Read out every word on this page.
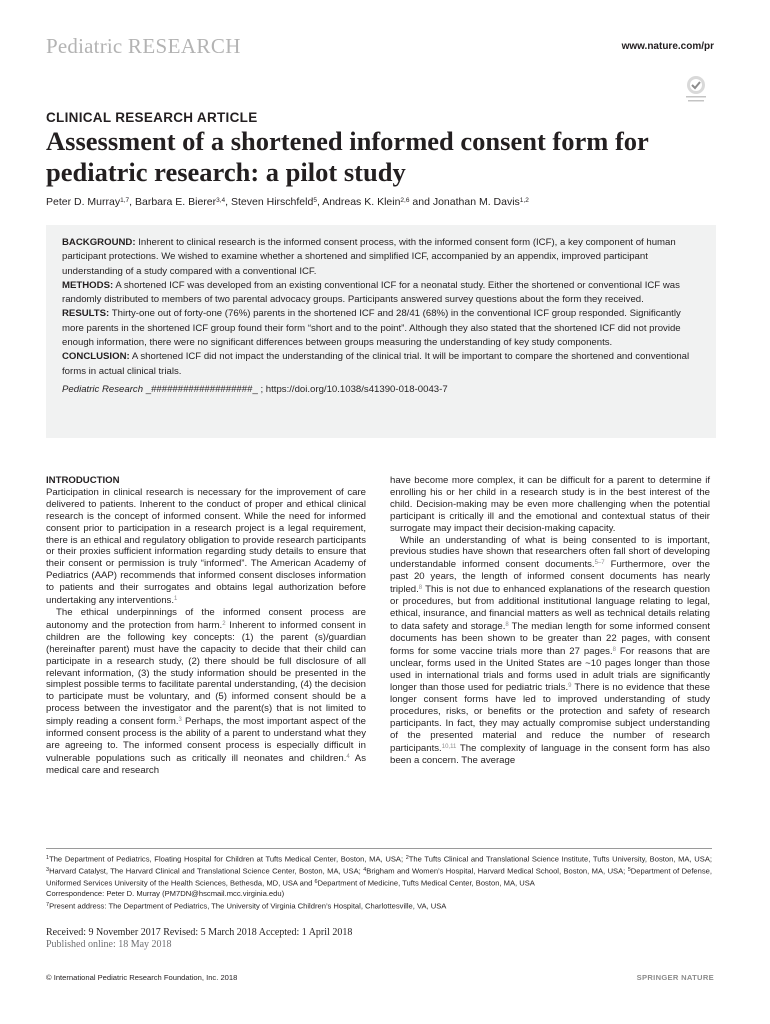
Pediatric RESEARCH	www.nature.com/pr
CLINICAL RESEARCH ARTICLE
Assessment of a shortened informed consent form for pediatric research: a pilot study
Peter D. Murray$^{1,7}$, Barbara E. Bierer$^{3,4}$, Steven Hirschfeld$^5$, Andreas K. Klein$^{2,6}$ and Jonathan M. Davis$^{1,2}$

BACKGROUND: Inherent to clinical research is the informed consent process, with the informed consent form (ICF), a key component of human participant protections. We wished to examine whether a shortened and simplified ICF, accompanied by an appendix, improved participant understanding of a study compared with a conventional ICF.

METHODS: A shortened ICF was developed from an existing conventional ICF for a neonatal study. Either the shortened or conventional ICF was randomly distributed to members of two parental advocacy groups. Participants answered survey questions about the form they received.

RESULTS: Thirty-one out of forty-one (76%) parents in the shortened ICF and 28/41 (68%) in the conventional ICF group responded. Significantly more parents in the shortened ICF group found their form “short and to the point”. Although they also stated that the shortened ICF did not provide enough information, there were no significant differences between groups measuring the understanding of key study components.

CONCLUSION: A shortened ICF did not impact the understanding of the clinical trial. It will be important to compare the shortened and conventional forms in actual clinical trials.

Pediatric Research _###################_ ; https://doi.org/10.1038/s41390-018-0043-7

INTRODUCTION

Participation in clinical research is necessary for the improvement of care delivered to patients. Inherent to the conduct of proper and ethical clinical research is the concept of informed consent. While the need for informed consent prior to participation in a research project is a legal requirement, there is an ethical and regulatory obligation to provide research participants or their proxies sufficient information regarding study details to ensure that their consent or permission is truly “informed”. The American Academy of Pediatrics (AAP) recommends that informed consent discloses information to patients and their surrogates and obtains legal authorization before undertaking any interventions.$^1$

The ethical underpinnings of the informed consent process are autonomy and the protection from harm.$^2$ Inherent to informed consent in children are the following key concepts: (1) the parent (s)/guardian (hereinafter parent) must have the capacity to decide that their child can participate in a research study, (2) there should be full disclosure of all relevant information, (3) the study information should be presented in the simplest possible terms to facilitate parental understanding, (4) the decision to participate must be voluntary, and (5) informed consent should be a process between the investigator and the parent(s) that is not limited to simply reading a consent form.$^3$ Perhaps, the most important aspect of the informed consent process is the ability of a parent to understand what they are agreeing to. The informed consent process is especially difficult in vulnerable populations such as critically ill neonates and children.$^4$ As medical care and research

have become more complex, it can be difficult for a parent to determine if enrolling his or her child in a research study is in the best interest of the child. Decision-making may be even more challenging when the potential participant is critically ill and the emotional and contextual status of their surrogate may impact their decision-making capacity.

While an understanding of what is being consented to is important, previous studies have shown that researchers often fall short of developing understandable informed consent documents.$^{5-7}$ Furthermore, over the past 20 years, the length of informed consent documents has nearly tripled.$^8$ This is not due to enhanced explanations of the research question or procedures, but from additional institutional language relating to legal, ethical, insurance, and financial matters as well as technical details relating to data safety and storage.$^8$ The median length for some informed consent documents has been shown to be greater than 22 pages, with consent forms for some vaccine trials more than 27 pages.$^8$ For reasons that are unclear, forms used in the United States are ~10 pages longer than those used in international trials and forms used in adult trials are significantly longer than those used for pediatric trials.$^9$ There is no evidence that these longer consent forms have led to improved understanding of study procedures, risks, or benefits or the protection and safety of research participants. In fact, they may actually compromise subject understanding of the presented material and reduce the number of research participants.$^{10,11}$ The complexity of language in the consent form has also been a concern. The average

$^1$The Department of Pediatrics, Floating Hospital for Children at Tufts Medical Center, Boston, MA, USA; $^2$The Tufts Clinical and Translational Science Institute, Tufts University, Boston, MA, USA; $^3$Harvard Catalyst, The Harvard Clinical and Translational Science Center, Boston, MA, USA; $^4$Brigham and Women’s Hospital, Harvard Medical School, Boston, MA, USA; $^5$Department of Defense, Uniformed Services University of the Health Sciences, Bethesda, MD, USA and $^6$Department of Medicine, Tufts Medical Center, Boston, MA, USA
Correspondence: Peter D. Murray (PM7DN@hscmail.mcc.virginia.edu)
$^7$Present address: The Department of Pediatrics, The University of Virginia Children’s Hospital, Charlottesville, VA, USA
Received: 9 November 2017 Revised: 5 March 2018 Accepted: 1 April 2018
Published online: 18 May 2018
© International Pediatric Research Foundation, Inc. 2018	SPRINGER NATURE
